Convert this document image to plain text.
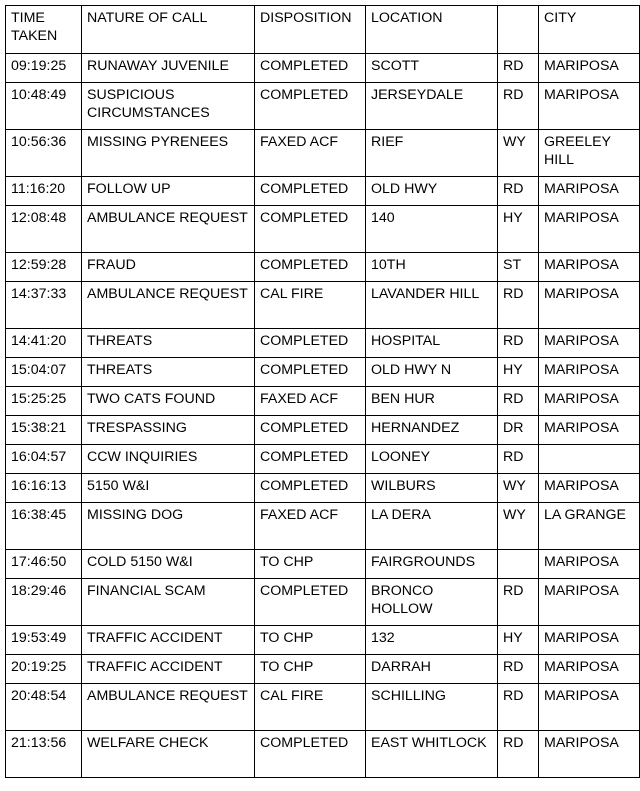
TIME TAKEN	NATURE OF CALL	DISPOSITION	LOCATION		CITY
09:19:25	RUNAWAY JUVENILE	COMPLETED	SCOTT	RD	MARIPOSA
10:48:49	SUSPICIOUS CIRCUMSTANCES	COMPLETED	JERSEYDALE	RD	MARIPOSA
10:56:36	MISSING PYRENEES	FAXED ACF	RIEF	WY	GREELEY HILL
11:16:20	FOLLOW UP	COMPLETED	OLD HWY	RD	MARIPOSA
12:08:48	AMBULANCE REQUEST	COMPLETED	140	HY	MARIPOSA
12:59:28	FRAUD	COMPLETED	10TH	ST	MARIPOSA
14:37:33	AMBULANCE REQUEST	CAL FIRE	LAVANDER HILL	RD	MARIPOSA
14:41:20	THREATS	COMPLETED	HOSPITAL	RD	MARIPOSA
15:04:07	THREATS	COMPLETED	OLD HWY N	HY	MARIPOSA
15:25:25	TWO CATS FOUND	FAXED ACF	BEN HUR	RD	MARIPOSA
15:38:21	TRESPASSING	COMPLETED	HERNANDEZ	DR	MARIPOSA
16:04:57	CCW INQUIRIES	COMPLETED	LOONEY	RD	
16:16:13	5150 W&I	COMPLETED	WILBURS	WY	MARIPOSA
16:38:45	MISSING DOG	FAXED ACF	LA DERA	WY	LA GRANGE
17:46:50	COLD 5150 W&I	TO CHP	FAIRGROUNDS		MARIPOSA
18:29:46	FINANCIAL SCAM	COMPLETED	BRONCO HOLLOW	RD	MARIPOSA
19:53:49	TRAFFIC ACCIDENT	TO CHP	132	HY	MARIPOSA
20:19:25	TRAFFIC ACCIDENT	TO CHP	DARRAH	RD	MARIPOSA
20:48:54	AMBULANCE REQUEST	CAL FIRE	SCHILLING	RD	MARIPOSA
21:13:56	WELFARE CHECK	COMPLETED	EAST WHITLOCK	RD	MARIPOSA
